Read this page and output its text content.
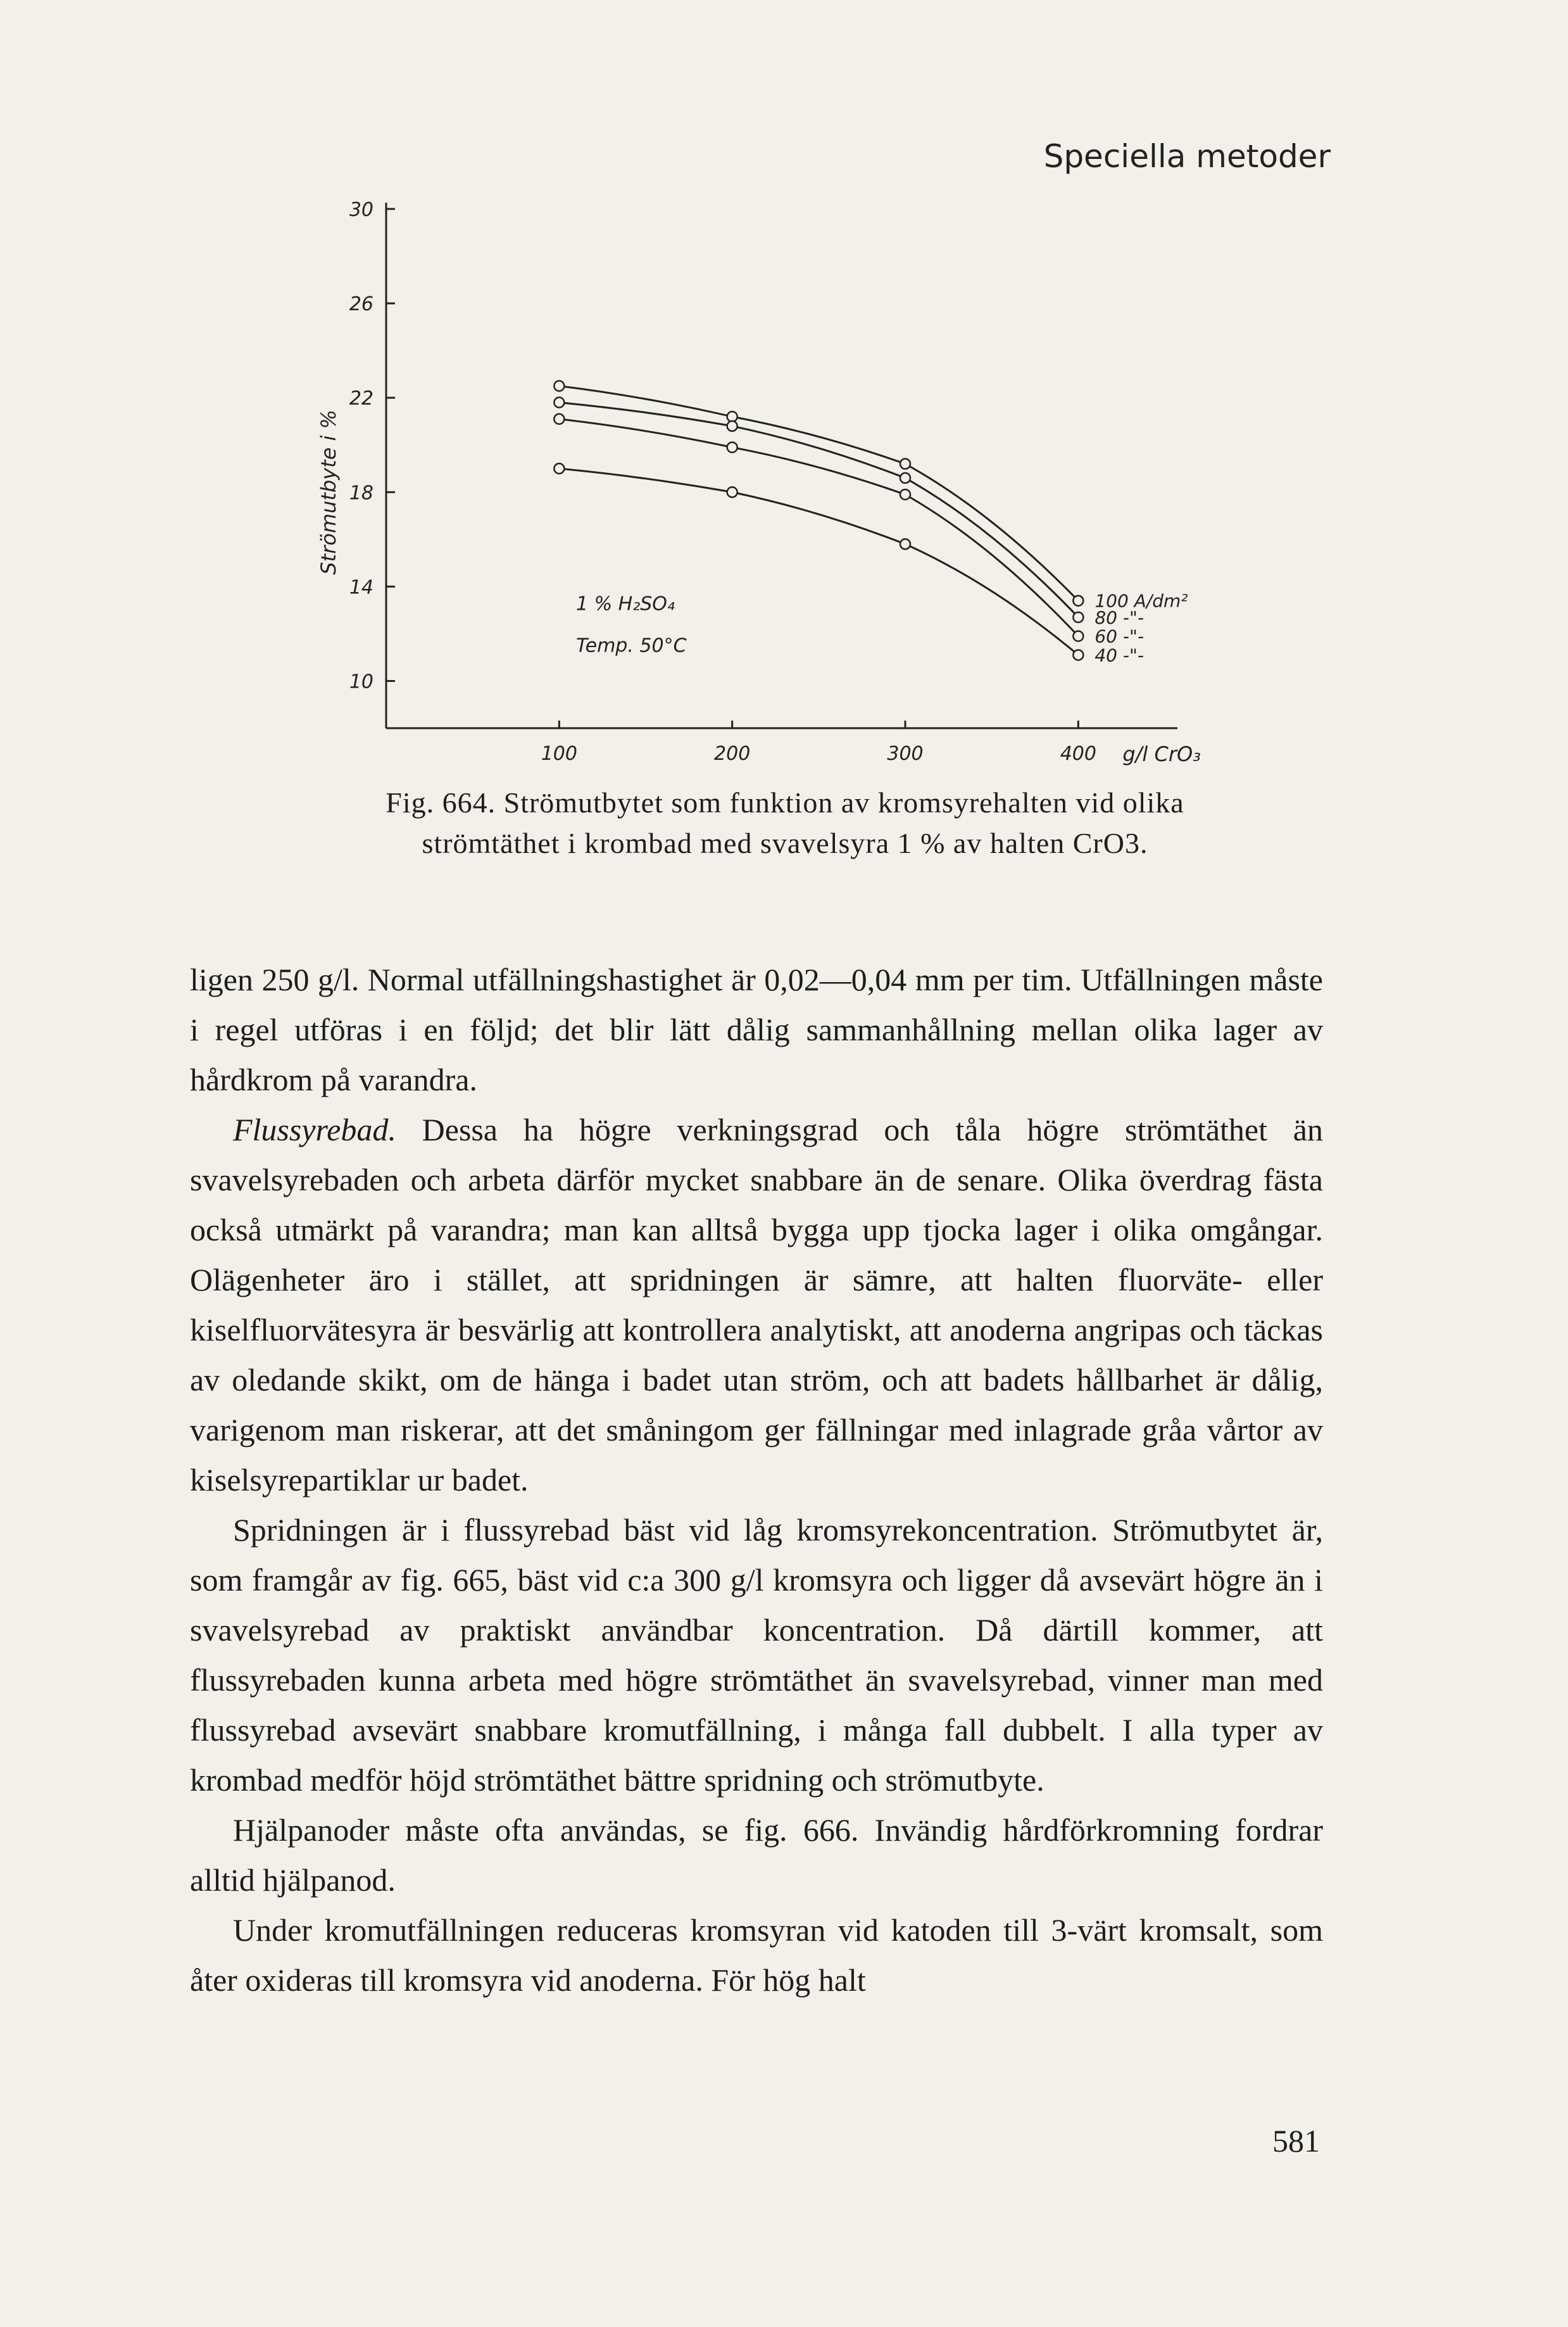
Speciella metoder
10
14
18
22
26
30
100	200	300	400 g/l CrO₃
Strömutbyte i %
100 A/dm²
80 -"-
60 -"-
40 -"-
1 % H₂SO₄
Temp. 50°C
Fig. 664. Strömutbytet som funktion av kromsyrehalten vid olika strömtäthet i krombad med svavelsyra 1 % av halten CrO3.

ligen 250 g/l. Normal utfällningshastighet är 0,02—0,04 mm per tim. Utfällningen måste i regel utföras i en följd; det blir lätt dålig sammanhållning mellan olika lager av hårdkrom på varandra.

Flussyrebad. Dessa ha högre verkningsgrad och tåla högre strömtäthet än svavelsyrebaden och arbeta därför mycket snabbare än de senare. Olika överdrag fästa också utmärkt på varandra; man kan alltså bygga upp tjocka lager i olika omgångar. Olägenheter äro i stället, att spridningen är sämre, att halten fluorväte- eller kiselfluorvätesyra är besvärlig att kontrollera analytiskt, att anoderna angripas och täckas av oledande skikt, om de hänga i badet utan ström, och att badets hållbarhet är dålig, varigenom man riskerar, att det småningom ger fällningar med inlagrade gråa vårtor av kiselsyrepartiklar ur badet.

Spridningen är i flussyrebad bäst vid låg kromsyrekoncentration. Strömutbytet är, som framgår av fig. 665, bäst vid c:a 300 g/l kromsyra och ligger då avsevärt högre än i svavelsyrebad av praktiskt användbar koncentration. Då därtill kommer, att flussyrebaden kunna arbeta med högre strömtäthet än svavelsyrebad, vinner man med flussyrebad avsevärt snabbare kromutfällning, i många fall dubbelt. I alla typer av krombad medför höjd strömtäthet bättre spridning och strömutbyte.

Hjälpanoder måste ofta användas, se fig. 666. Invändig hårdförkromning fordrar alltid hjälpanod.

Under kromutfällningen reduceras kromsyran vid katoden till 3-värt kromsalt, som åter oxideras till kromsyra vid anoderna. För hög halt

581
